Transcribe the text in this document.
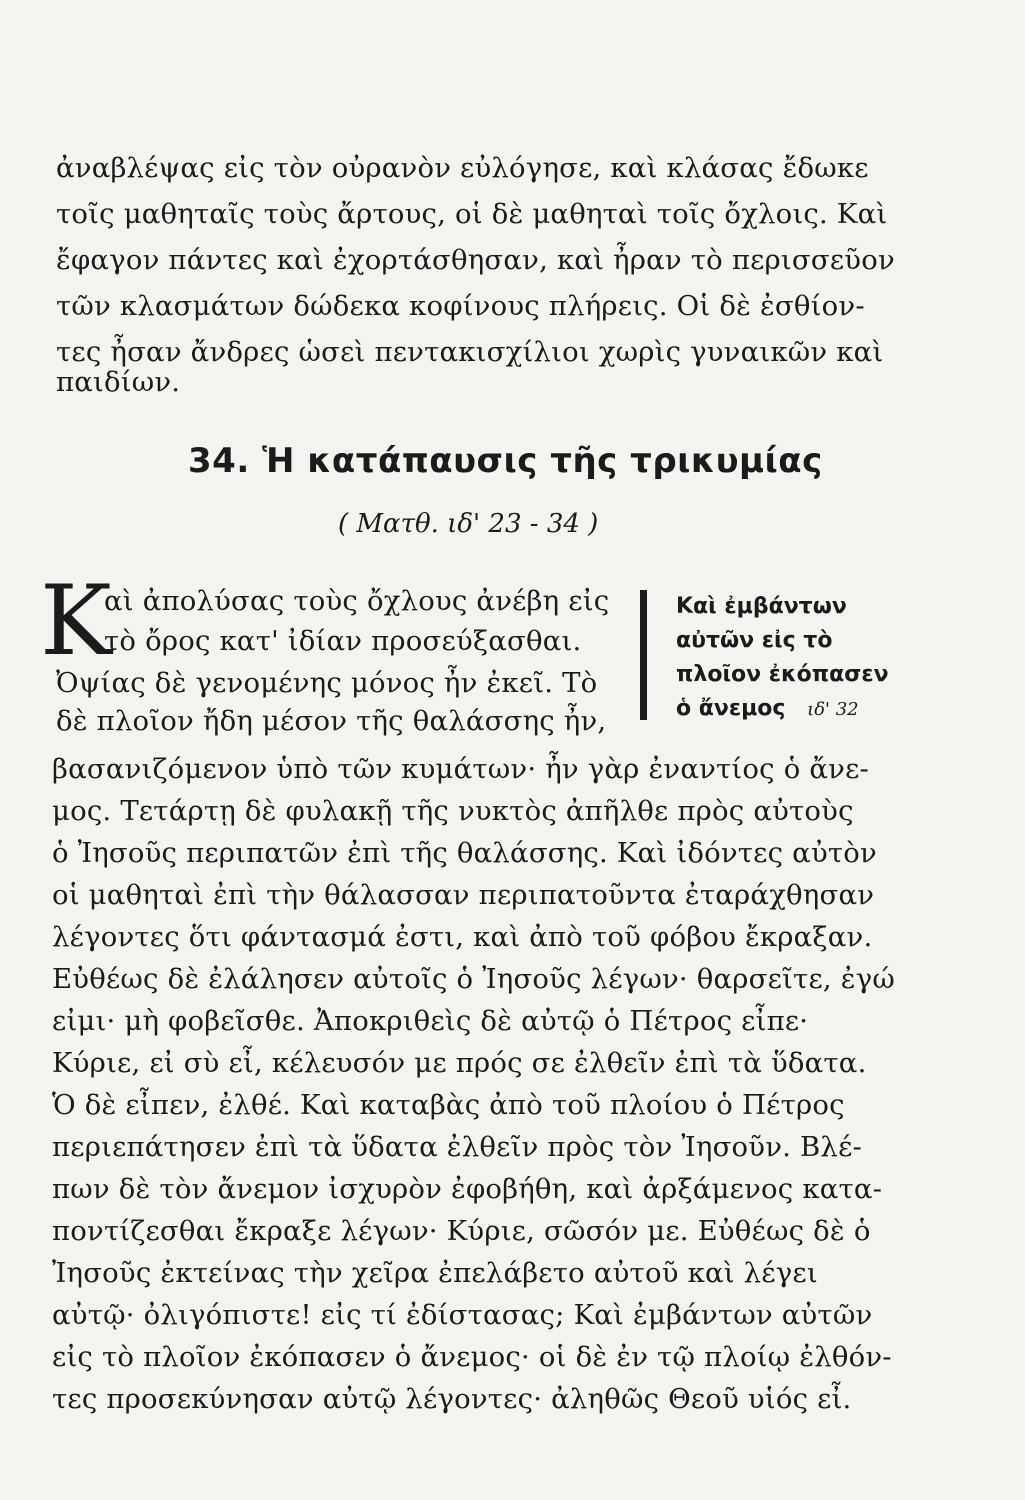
ἀναβλέψας εἰς τὸν οὐρανὸν εὐλόγησε, καὶ κλάσας ἔδωκε
τοῖς μαθηταῖς τοὺς ἄρτους, οἱ δὲ μαθηταὶ τοῖς ὄχλοις. Καὶ
ἔφαγον πάντες καὶ ἐχορτάσθησαν, καὶ ἦραν τὸ περισσεῦον
τῶν κλασμάτων δώδεκα κοφίνους πλήρεις. Οἱ δὲ ἐσθίον-
τες ἦσαν ἄνδρες ὡσεὶ πεντακισχίλιοι χωρὶς γυναικῶν καὶ
παιδίων.
34. Ἡ κατάπαυσις τῆς τρικυμίας
( Ματθ. ιδ' 23 - 34 )
Κ
αὶ ἀπολύσας τοὺς ὄχλους ἀνέβη εἰς
τὸ ὄρος κατ' ἰδίαν προσεύξασθαι.
Ὀψίας δὲ γενομένης μόνος ἦν ἐκεῖ. Τὸ
δὲ πλοῖον ἤδη μέσον τῆς θαλάσσης ἦν,
Καὶ ἐμβάντων
αὐτῶν εἰς τὸ
πλοῖον ἐκόπασεν
ὁ ἄνεμος ιδ' 32
βασανιζόμενον ὑπὸ τῶν κυμάτων· ἦν γὰρ ἐναντίος ὁ ἄνε-
μος. Τετάρτῃ δὲ φυλακῇ τῆς νυκτὸς ἀπῆλθε πρὸς αὐτοὺς
ὁ Ἰησοῦς περιπατῶν ἐπὶ τῆς θαλάσσης. Καὶ ἰδόντες αὐτὸν
οἱ μαθηταὶ ἐπὶ τὴν θάλασσαν περιπατοῦντα ἐταράχθησαν
λέγοντες ὅτι φάντασμά ἐστι, καὶ ἀπὸ τοῦ φόβου ἔκραξαν.
Εὐθέως δὲ ἐλάλησεν αὐτοῖς ὁ Ἰησοῦς λέγων· θαρσεῖτε, ἐγώ
εἰμι· μὴ φοβεῖσθε. Ἀποκριθεὶς δὲ αὐτῷ ὁ Πέτρος εἶπε·
Κύριε, εἰ σὺ εἶ, κέλευσόν με πρός σε ἐλθεῖν ἐπὶ τὰ ὕδατα.
Ὁ δὲ εἶπεν, ἐλθέ. Καὶ καταβὰς ἀπὸ τοῦ πλοίου ὁ Πέτρος
περιεπάτησεν ἐπὶ τὰ ὕδατα ἐλθεῖν πρὸς τὸν Ἰησοῦν. Βλέ-
πων δὲ τὸν ἄνεμον ἰσχυρὸν ἐφοβήθη, καὶ ἀρξάμενος κατα-
ποντίζεσθαι ἔκραξε λέγων· Κύριε, σῶσόν με. Εὐθέως δὲ ὁ
Ἰησοῦς ἐκτείνας τὴν χεῖρα ἐπελάβετο αὐτοῦ καὶ λέγει
αὐτῷ· ὀλιγόπιστε! εἰς τί ἐδίστασας; Καὶ ἐμβάντων αὐτῶν
εἰς τὸ πλοῖον ἐκόπασεν ὁ ἄνεμος· οἱ δὲ ἐν τῷ πλοίῳ ἐλθόν-
τες προσεκύνησαν αὐτῷ λέγοντες· ἀληθῶς Θεοῦ υἱός εἶ.
